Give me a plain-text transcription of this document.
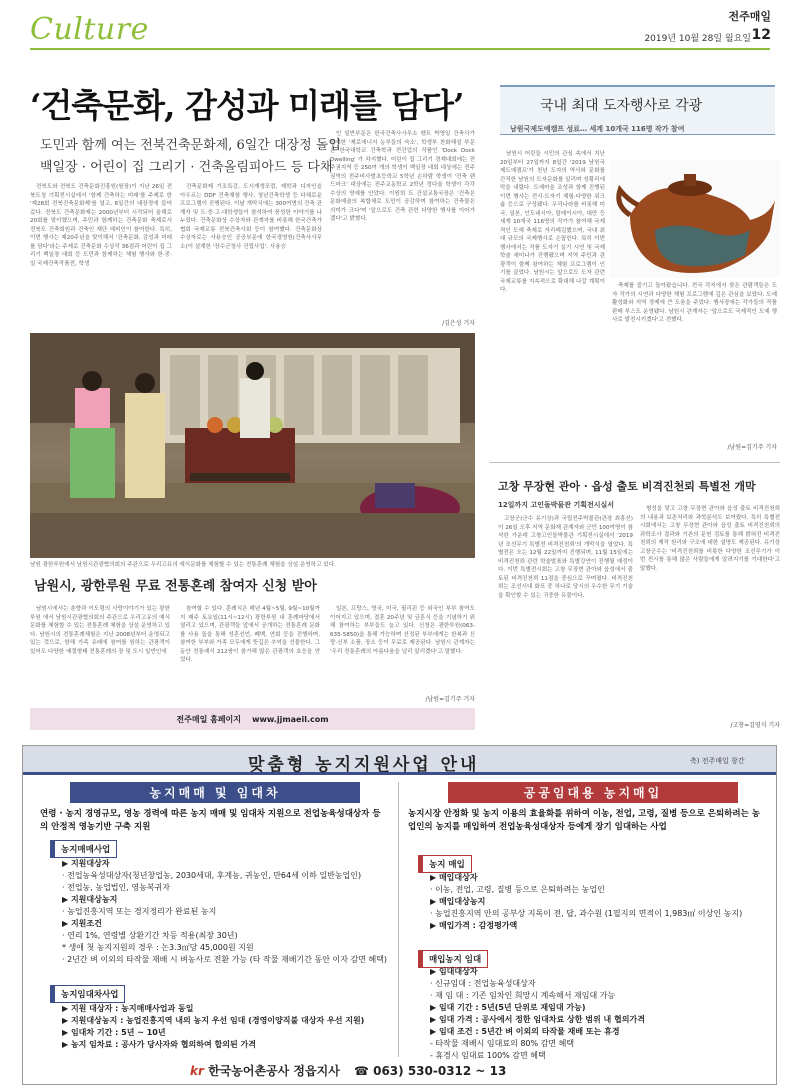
Culture	전주매일
2019년 10월 28일 월요일 12
‘건축문화, 감성과 미래를 담다’
도민과 함께 여는 전북건축문화제, 6일간 대장정 돌입
백일장 · 어린이 집 그리기 · 건축올림피아드 등 다채

전북도와 전북도 건축문화진흥원(원장)이 지난 26일 전북도청 기획전시실에서 '함께 건축하는 미래'를 주제로 한 '제28회 전북건축문화제'를 열고, 6일간의 대장정에 들어갔다. 전북도 건축문화제는 2000년부터 시작되어 올해로 20회를 맞이했으며, 주민과 함께하는 건축문화 축제로서 전북도 건축회원과 건축인 재단 예비인이 참여한다. 특히, 이번 행사는 제20주년을 맞이해서 '건축문화, 감성과 미래를 담다'라는 주제로 건축문화 수상작 36점과 어린이 집 그리기 백일장 대회 등 도민과 함께하는 체험 행사와 한·중·일 국제건축작품전, 학생

건축문화제 기조특강, 도시재생포럼, 제학과 디자인을 아우르는 DDF 건축체험 행사, 청년건축학생 등 다채로운 프로그램이 진행된다. 이날 개막식에는 300여명의 건축 관계자 및 도·중·고·대학생들이 참석하여 풍성한 이야기를 나누었다. 건축문화상 수상자와 관계자를 비롯해 한국건축가협회 국제교류 전북건축사회 등이 참여했다. 건축문화상 수상자로는 사용승인 공공부문에 한국경영원(건축사사무소)이 설계한 '장수군청사 건립사업', 사용승

인 일반부문은 한국건축사사무소 펜트 박영일 건축사가 설계한 '제로에너지 농부들의 숙소', 학생부 찬화해설 부문은 한국대학교 건축학과 전건업의 작품인 'Dock Dock Dwelling' 가 차지했다. 어린이 집 그리기 경제대회에는 전주권지역 등 250여 개의 학생이 백일장 대회 대상에는 전주권역의 전주비사벌초등학교 5학년 손하람 학생이 '건축 랜드마크' 대상에는 전주교동학교 2학년 정다울 학생이 각각 수상의 영예를 안았다. 이원희 도 건설교통국장은 '건축은 문화예술의 복합체로 도민이 공감하며 참여하는 건축물은 의미가 크다'며 '앞으로도 건축 관련 다양한 행사를 이어가겠다'고 밝혔다.

/김은성 기자
남원 광한루원에서 남원시관광협의회의 주관으로 우리고유의 예식문화를 체험할 수 있는 전통혼례 체험을 상설 운영하고 있다.
남원시, 광한루원 무료 전통혼례 참여자 신청 받아

남원시에서는 춘향과 이도령의 사랑이야기가 있는 광한루원 에서 남원시관광협의회의 주관으로 우리고유의 예식문화를 체험할 수 있는 전통혼례 체험을 상설 운영하고 있다. 남원시의 전통혼례체험은 지난 2008년부터 운영되고 있는 것으로, 항해 가족 유래에 참여를 원하는 관광객이 있어도 다양한 예절형태 전통혼례의 장 및 도시 일반인에

참여할 수 있다. 혼례식은 매년 4월~5월, 9월~10월까지 매주 토요일(11시~12시) 광한루원 내 혼례마당에서 열리고 있으며, 관광객들 앞에서 공개하는 전통혼례 문화를 사용 돕을 통해 성혼선언, 폐백, 연회 등을 진행하며, 참여한 부부와 가족 모두에게 뜻깊은 추억을 선물한다. 그동안 전통예식 212쌍이 참가해 많은 관광객의 호응을 얻었다.

일본, 프랑스, 영국, 미국, 필리핀 등 외국인 부부 참여도 이어지고 있으며, 결혼 20주년 및 금혼식 등을 기념하기 위해 참여하는 부부들도 늘고 있다. 신청은 광한루원(063-635-5850)을 통해 가능하며 선정된 부부에게는 한복과 신랑·신부 소품, 장소 등이 무료로 제공된다. 남원시 관계자는 '우리 전통혼례의 아름다움을 널리 알리겠다'고 말했다.

/남원=김기주 기자
전주매일 홈페이지    www.jjmaeil.com
국내 최대 도자행사로 각광
남원국제도예캠프 성료… 세계 10개국 116명 작가 참여

남원시 어린들 시민의 관심 속에서 지난 20일부터 27일까지 8일간 '2019 남원국제도예캠프'가 천년 도자의 역사와 문화를 간직한 남원의 도자문화를 알리며 성황리에 막을 내렸다. 도예마을 조성과 함께 진행된 이번 행사는 전시·도자기 체험·다양한 워크숍 등으로 구성됐다. 우리나라를 비롯해 미국, 일본, 인도네시아, 말레이시아, 대만 등 세계 10개국 116명의 작가가 참여해 국제적인 도예 축제로 자리매김했으며, 국내 최대 규모의 국제행사로 손꼽힌다. 특히 이번 행사에서는 작품 도자기 실기 시연 및 국제학술 세미나가 진행됐으며 지역 주민과 관광객이 함께 참여하는 체험 프로그램이 인기를 끌었다. 남원시는 앞으로도 도자 관련 국제교류를 지속적으로 확대해 나갈 계획이다.

축제를 즐기고 돌아왔습니다. 전국 각지에서 찾은 관람객들은 도자 작가의 시연과 다양한 체험 프로그램에 깊은 관심을 보였다. 도예 활성화와 지역 경제에 큰 도움을 주었다. 행사장에는 작가들의 작품 판매 부스도 운영됐다. 남원시 관계자는 '앞으로도 국제적인 도예 행사로 발전시키겠다'고 전했다.

/남원=김기주 기자
고창 무장현 관아 · 읍성 출토 비격진천뢰 특별전 개막
12일까지 고인돌박물관 기획전시실서

고창군(군수 유기상)과 국립전주박물관(관장 최흥선)이 26일 오후 지역 문화재 관계자와 군민 100여명이 참석한 가운데 고창고인돌박물관 기획전시실에서 '2019년 조선무기 특별전 비격진천뢰'의 개막식을 열었다. 특별전은 오는 12월 22일까지 진행되며, 11월 15일에는 비격진천뢰 관련 학술발표와 특별강연이 진행될 예정이다. 이번 특별전시회는 고창 무장현 관아와 읍성에서 출토된 비격진천뢰 11점을 중심으로 꾸며졌다. 비격진천뢰는 조선시대 화포 중 하나로 당시의 우수한 무기 기술을 확인할 수 있는 귀중한 유물이다.

형성을 맞고 고창 무장현 관아와 읍성 출토 비격진천뢰의 내용과 보존처리와 과학분석도 보여줬다. 특히 특별전시회에서는 고창 무장현 관아와 읍성 출토 비격진천뢰의 과학조사 결과와 기존의 문헌 검토를 통해 밝혀진 비격진천뢰의 제작 원리와 구조에 대한 설명도 제공된다. 유기상 고창군수는 '비격진천뢰를 비롯한 다양한 조선무기가 이번 전시를 통해 많은 사람들에게 알려지기를 기대한다'고 말했다.

/고창=김영식 기자
맞춤형 농지지원사업 안내	축) 전주매일 창간
농지매매 및 임대차
연령 · 농지 경영규모, 영농 경력에 따른 농지 매매 및 임대차 지원으로 전업농육성대상자 등의 안정적 영농기반 구축 지원
농지매매사업
▶ 지원대상자
· 전업농육성대상자(청년창업농, 2030세대, 후계농, 귀농인, 만64세 이하 일반농업인)
· 전업농, 농업법인, 영농복귀자
▶ 지원대상농지
· 농업진흥지역 또는 경지정리가 완료된 농지
▶ 지원조건
· 연리 1%, 연령별 상환기간 차등 적용(최장 30년)
* 생애 첫 농지지원의 경우 : 논3.3㎡당 45,000원 지원
· 2년간 벼 이외의 타작물 재배 시 벼농사로 전환 가능 (타 작물 재배기간 동안 이자 감면 혜택)
농지임대차사업
▶ 지원 대상자 : 농지매매사업과 동일
▶ 지원대상농지 : 농업진흥지역 내의 농지 우선 임대 (경영이양직불 대상자 우선 지원)
▶ 임대차 기간 : 5년 ~ 10년
▶ 농지 임차료 : 공사가 당사자와 협의하여 합의된 가격
공공임대용 농지매입
농지시장 안정화 및 농지 이용의 효율화를 위하여 이농, 전업, 고령, 질병 등으로 은퇴하려는 농업인의 농지를 매입하여 전업농육성대상자 등에게 장기 임대하는 사업
농지 매입
▶ 매입대상자
· 이농, 전업, 고령, 질병 등으로 은퇴하려는 농업인
▶ 매입대상농지
· 농업진흥지역 안의 공부상 지목이 전, 답, 과수원 (1필지의 면적이 1,983㎡ 이상인 농지)
▶ 매입가격 : 감정평가액
매입농지 임대
▶ 임대대상자
· 신규임대 : 전업농육성대상자
· 재 임 대 : 기존 임차인 희망시 계속해서 재임대 가능
▶ 임대 기간 : 5년(5년 단위로 재임대 가능)
▶ 임대 가격 : 공사에서 정한 임대차료 상한 범위 내 협의가격
▶ 임대 조건 : 5년간 벼 이외의 타작물 재배 또는 휴경
- 타작물 재배시 임대료의 80% 감면 혜택
- 휴경시 임대료 100% 감면 혜택
kr 한국농어촌공사 정읍지사 ☎ 063) 530-0312 ~ 13
